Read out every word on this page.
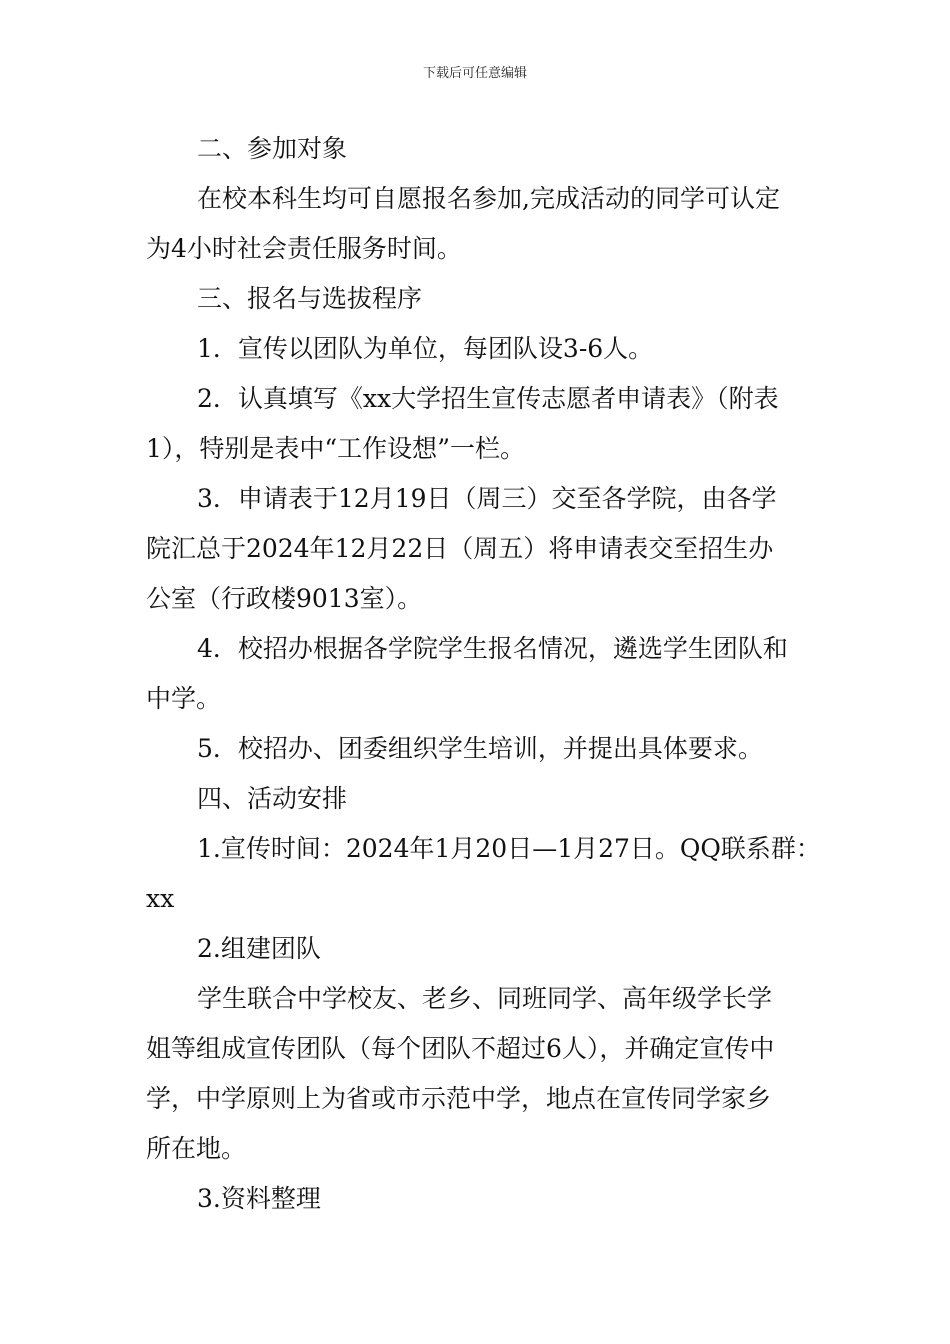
下载后可任意编辑

二、参加对象

在校本科生均可自愿报名参加,完成活动的同学可认定

为4小时社会责任服务时间。

三、报名与选拔程序

1．宣传以团队为单位，每团队设3-6人。

2．认真填写《xx大学招生宣传志愿者申请表》（附表

1），特别是表中“工作设想”一栏。

3．申请表于12月19日（周三）交至各学院，由各学

院汇总于2024年12月22日（周五）将申请表交至招生办

公室（行政楼9013室）。

4．校招办根据各学院学生报名情况，遴选学生团队和

中学。

5．校招办、团委组织学生培训，并提出具体要求。

四、活动安排

1.宣传时间：2024年1月20日—1月27日。QQ联系群：

xx

2.组建团队

学生联合中学校友、老乡、同班同学、高年级学长学

姐等组成宣传团队（每个团队不超过6人），并确定宣传中

学，中学原则上为省或市示范中学，地点在宣传同学家乡

所在地。

3.资料整理
